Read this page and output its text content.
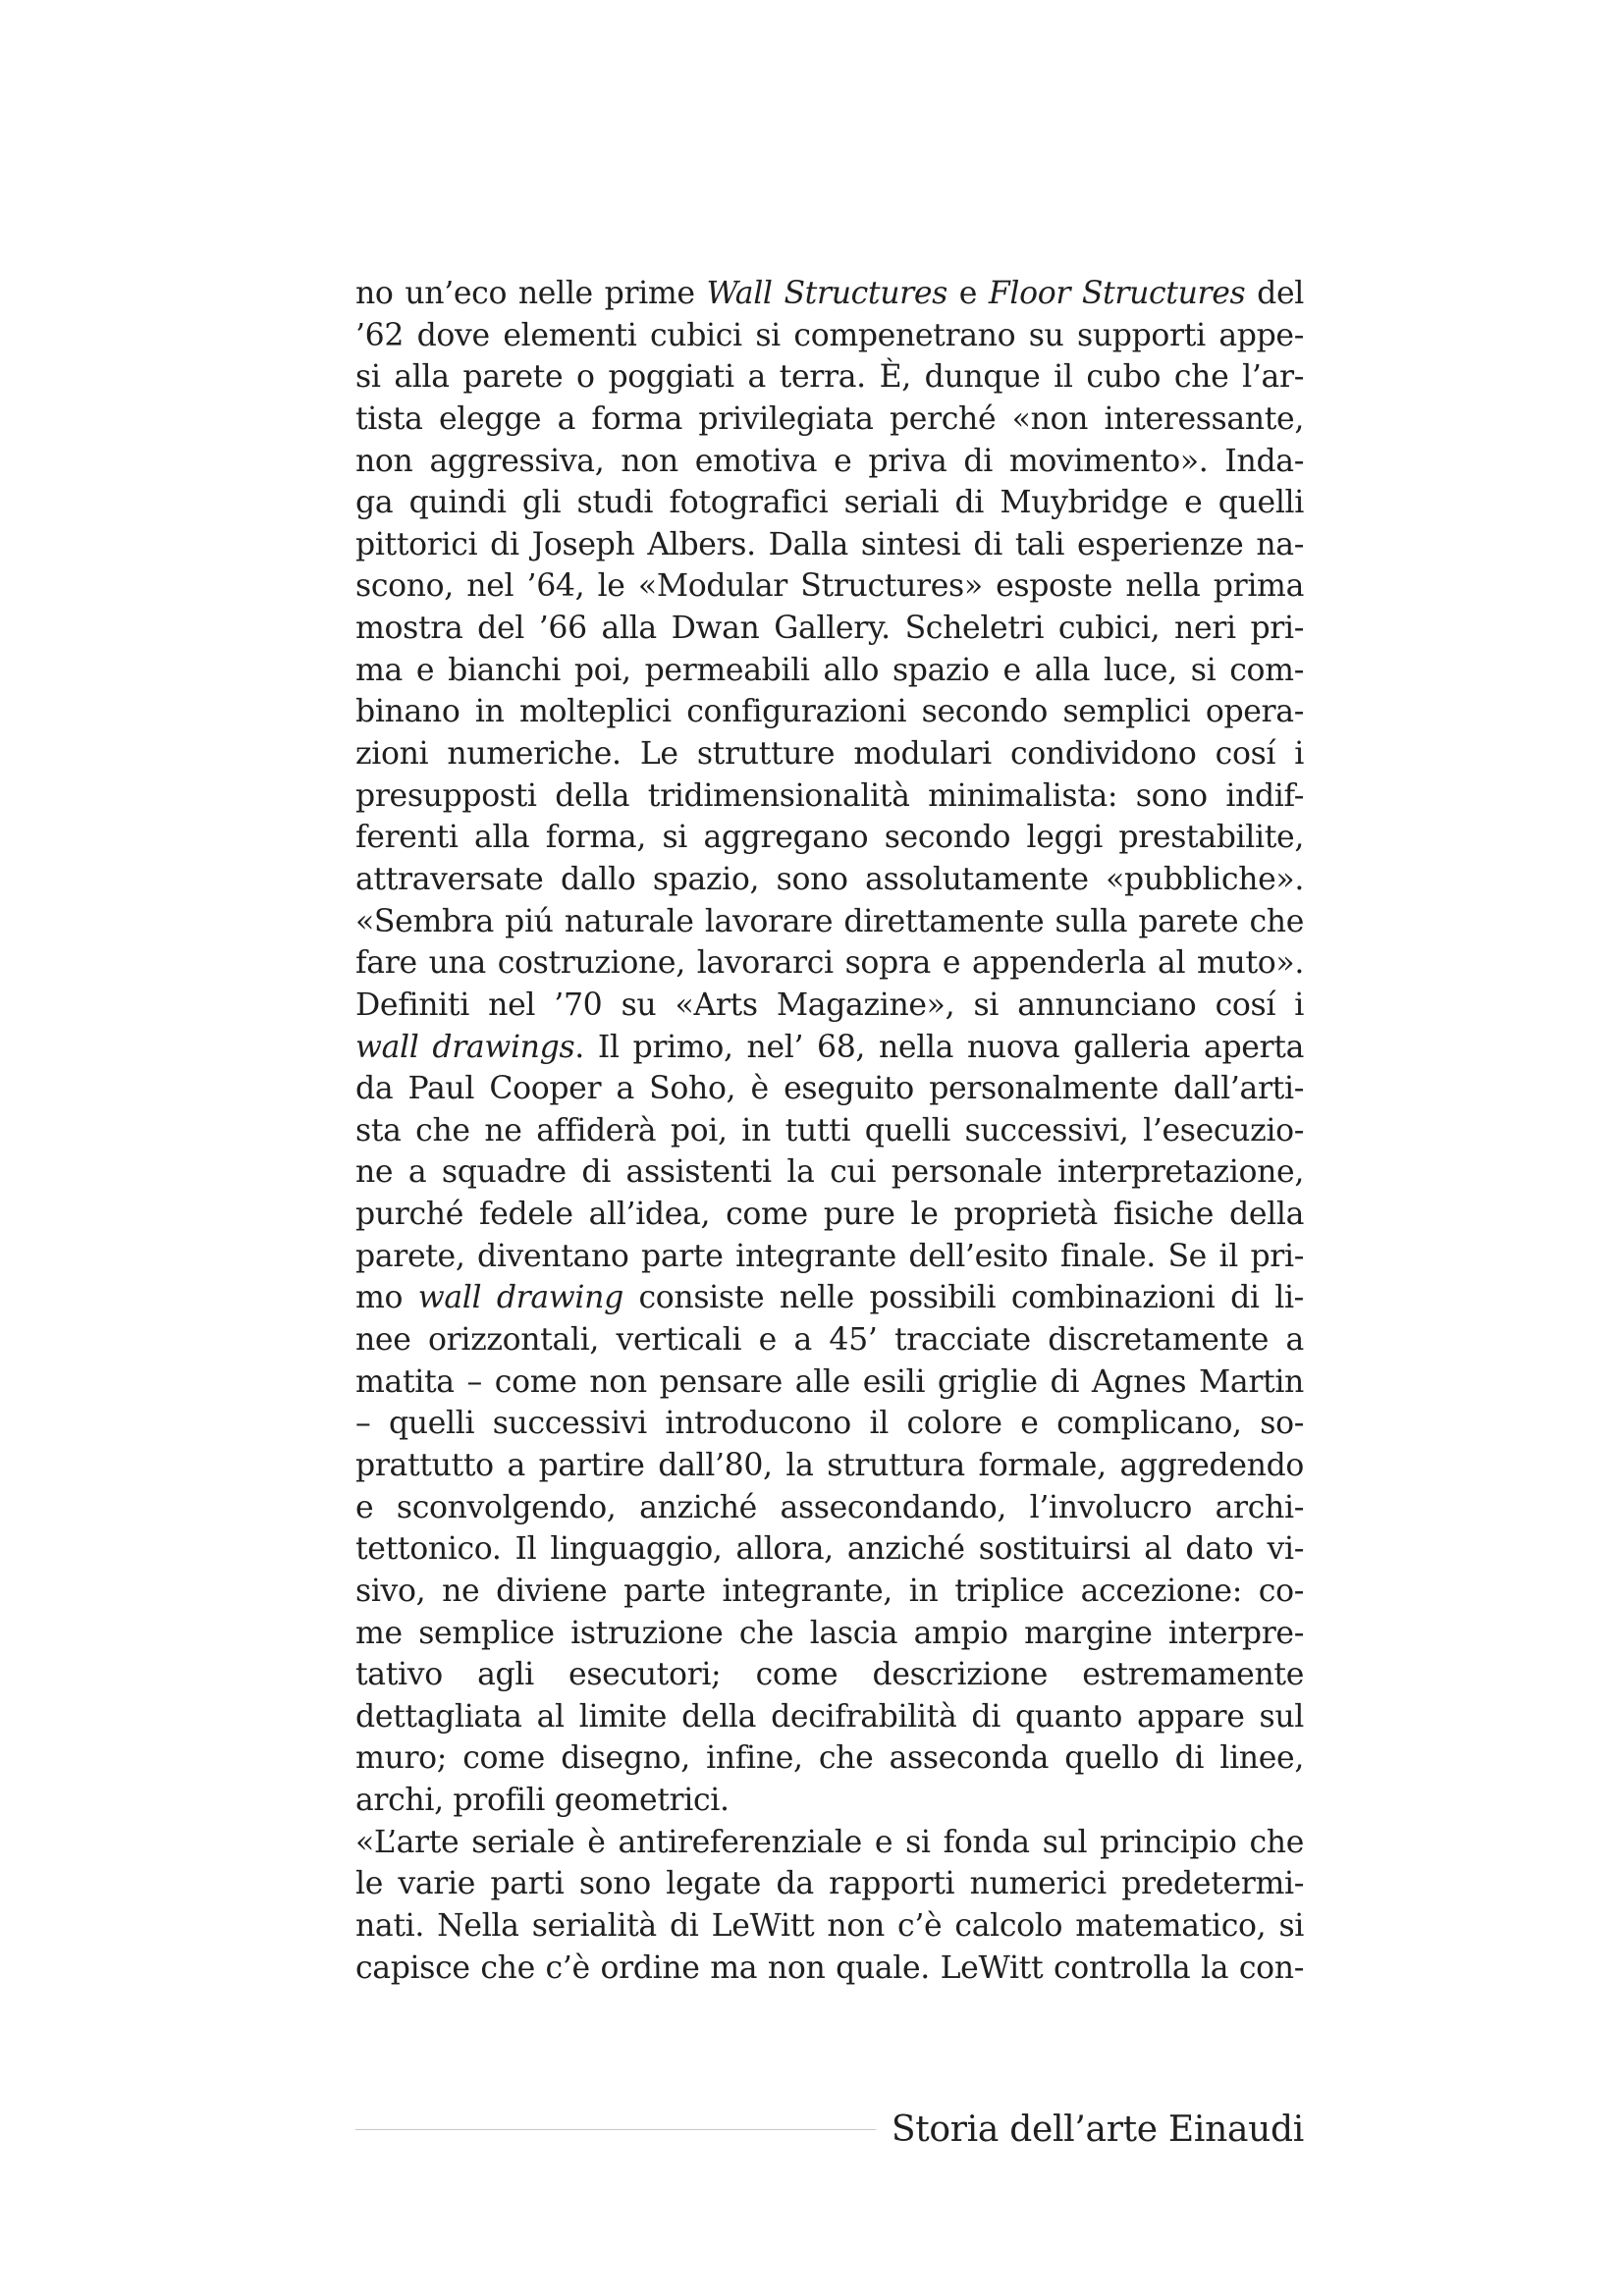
no un’eco nelle prime Wall Structures e Floor Structures del
’62 dove elementi cubici si compenetrano su supporti appe-
si alla parete o poggiati a terra. È, dunque il cubo che l’ar-
tista elegge a forma privilegiata perché «non interessante,
non aggressiva, non emotiva e priva di movimento». Inda-
ga quindi gli studi fotografici seriali di Muybridge e quelli
pittorici di Joseph Albers. Dalla sintesi di tali esperienze na-
scono, nel ’64, le «Modular Structures» esposte nella prima
mostra del ’66 alla Dwan Gallery. Scheletri cubici, neri pri-
ma e bianchi poi, permeabili allo spazio e alla luce, si com-
binano in molteplici configurazioni secondo semplici opera-
zioni numeriche. Le strutture modulari condividono cosí i
presupposti della tridimensionalità minimalista: sono indif-
ferenti alla forma, si aggregano secondo leggi prestabilite,
attraversate dallo spazio, sono assolutamente «pubbliche».
«Sembra piú naturale lavorare direttamente sulla parete che
fare una costruzione, lavorarci sopra e appenderla al muto».
Definiti nel ’70 su «Arts Magazine», si annunciano cosí i
wall drawings. Il primo, nel’ 68, nella nuova galleria aperta
da Paul Cooper a Soho, è eseguito personalmente dall’arti-
sta che ne affiderà poi, in tutti quelli successivi, l’esecuzio-
ne a squadre di assistenti la cui personale interpretazione,
purché fedele all’idea, come pure le proprietà fisiche della
parete, diventano parte integrante dell’esito finale. Se il pri-
mo wall drawing consiste nelle possibili combinazioni di li-
nee orizzontali, verticali e a 45’ tracciate discretamente a
matita – come non pensare alle esili griglie di Agnes Martin
– quelli successivi introducono il colore e complicano, so-
prattutto a partire dall’80, la struttura formale, aggredendo
e sconvolgendo, anziché assecondando, l’involucro archi-
tettonico. Il linguaggio, allora, anziché sostituirsi al dato vi-
sivo, ne diviene parte integrante, in triplice accezione: co-
me semplice istruzione che lascia ampio margine interpre-
tativo agli esecutori; come descrizione estremamente
dettagliata al limite della decifrabilità di quanto appare sul
muro; come disegno, infine, che asseconda quello di linee,
archi, profili geometrici.
«L’arte seriale è antireferenziale e si fonda sul principio che
le varie parti sono legate da rapporti numerici predetermi-
nati. Nella serialità di LeWitt non c’è calcolo matematico, si
capisce che c’è ordine ma non quale. LeWitt controlla la con-
Storia dell’arte Einaudi
